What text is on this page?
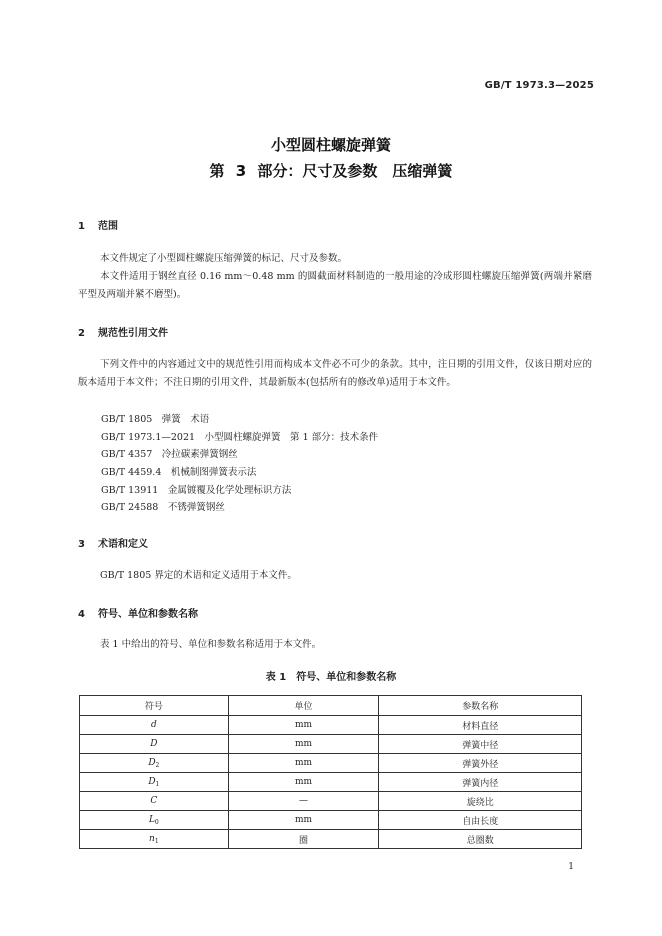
GB/T 1973.3—2025
小型圆柱螺旋弹簧
第 3 部分：尺寸及参数　压缩弹簧
1 范围
本文件规定了小型圆柱螺旋压缩弹簧的标记、尺寸及参数。
本文件适用于钢丝直径 0.16 mm～0.48 mm 的圆截面材料制造的一般用途的冷成形圆柱螺旋压缩弹簧(两端并紧磨平型及两端并紧不磨型)。
2 规范性引用文件
下列文件中的内容通过文中的规范性引用而构成本文件必不可少的条款。其中，注日期的引用文件，仅该日期对应的版本适用于本文件；不注日期的引用文件，其最新版本(包括所有的修改单)适用于本文件。
GB/T 1805　弹簧　术语
GB/T 1973.1—2021　小型圆柱螺旋弹簧　第 1 部分：技术条件
GB/T 4357　冷拉碳素弹簧钢丝
GB/T 4459.4　机械制图弹簧表示法
GB/T 13911　金属镀覆及化学处理标识方法
GB/T 24588　不锈弹簧钢丝
3 术语和定义
GB/T 1805 界定的术语和定义适用于本文件。
4 符号、单位和参数名称
表 1 中给出的符号、单位和参数名称适用于本文件。
表 1　符号、单位和参数名称
符号	单位	参数名称
d	mm	材料直径
D	mm	弹簧中径
$D_2$	mm	弹簧外径
$D_1$	mm	弹簧内径
C	—	旋绕比
$L_0$	mm	自由长度
$n_1$	圈	总圈数
1
